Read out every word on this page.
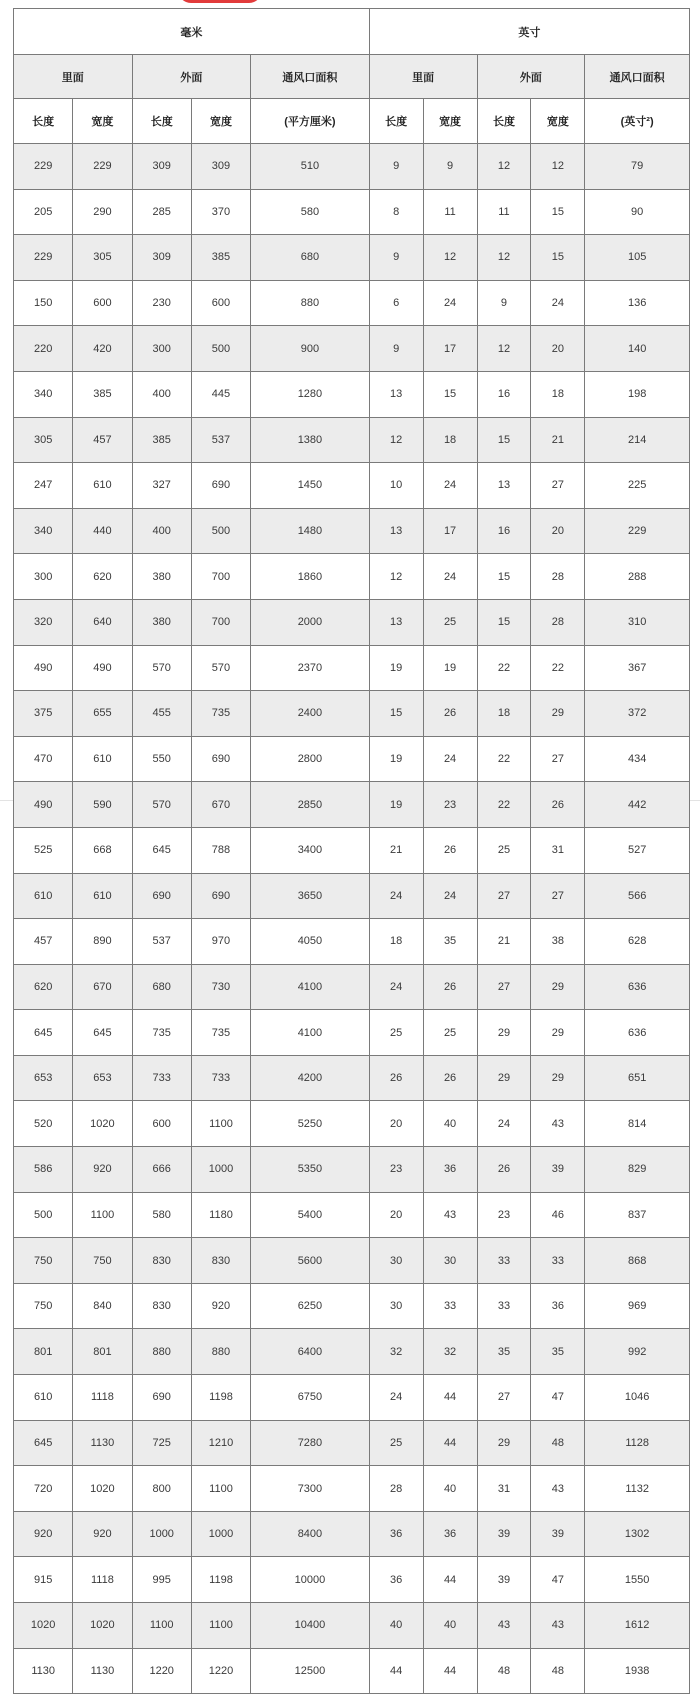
毫米					英寸				
里面		外面		通风口面积	里面		外面		通风口面积
长度	宽度	长度	宽度	(平方厘米)	长度	宽度	长度	宽度	(英寸²)
229	229	309	309	510	9	9	12	12	79
205	290	285	370	580	8	11	11	15	90
229	305	309	385	680	9	12	12	15	105
150	600	230	600	880	6	24	9	24	136
220	420	300	500	900	9	17	12	20	140
340	385	400	445	1280	13	15	16	18	198
305	457	385	537	1380	12	18	15	21	214
247	610	327	690	1450	10	24	13	27	225
340	440	400	500	1480	13	17	16	20	229
300	620	380	700	1860	12	24	15	28	288
320	640	380	700	2000	13	25	15	28	310
490	490	570	570	2370	19	19	22	22	367
375	655	455	735	2400	15	26	18	29	372
470	610	550	690	2800	19	24	22	27	434
490	590	570	670	2850	19	23	22	26	442
525	668	645	788	3400	21	26	25	31	527
610	610	690	690	3650	24	24	27	27	566
457	890	537	970	4050	18	35	21	38	628
620	670	680	730	4100	24	26	27	29	636
645	645	735	735	4100	25	25	29	29	636
653	653	733	733	4200	26	26	29	29	651
520	1020	600	1100	5250	20	40	24	43	814
586	920	666	1000	5350	23	36	26	39	829
500	1100	580	1180	5400	20	43	23	46	837
750	750	830	830	5600	30	30	33	33	868
750	840	830	920	6250	30	33	33	36	969
801	801	880	880	6400	32	32	35	35	992
610	1118	690	1198	6750	24	44	27	47	1046
645	1130	725	1210	7280	25	44	29	48	1128
720	1020	800	1100	7300	28	40	31	43	1132
920	920	1000	1000	8400	36	36	39	39	1302
915	1118	995	1198	10000	36	44	39	47	1550
1020	1020	1100	1100	10400	40	40	43	43	1612
1130	1130	1220	1220	12500	44	44	48	48	1938
